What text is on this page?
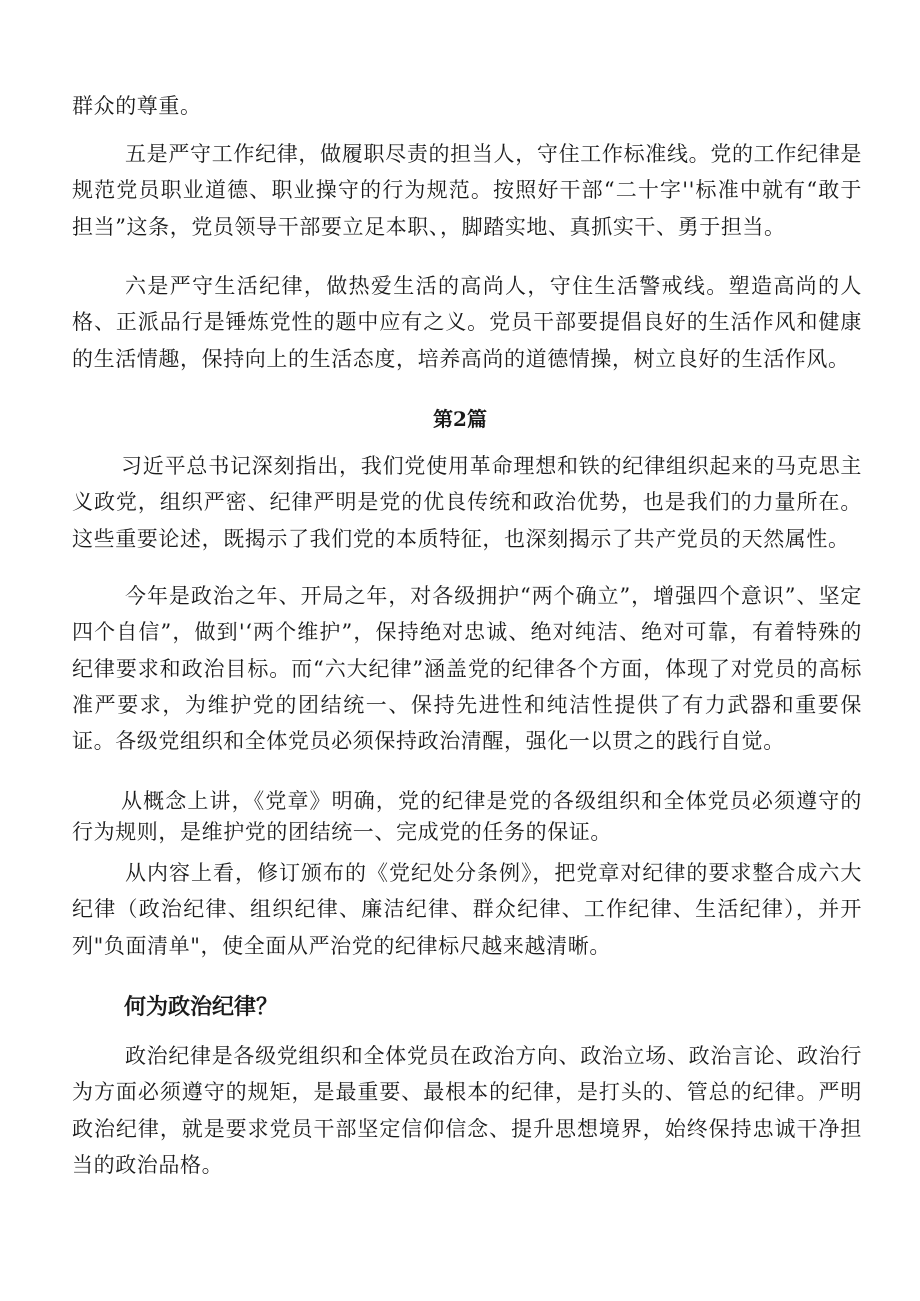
群众的尊重。

五是严守工作纪律，做履职尽责的担当人，守住工作标准线。党的工作纪律是规范党员职业道德、职业操守的行为规范。按照好干部“二十字''标准中就有“敢于担当”这条，党员领导干部要立足本职、，脚踏实地、真抓实干、勇于担当。

六是严守生活纪律，做热爱生活的高尚人，守住生活警戒线。塑造高尚的人格、正派品行是锤炼党性的题中应有之义。党员干部要提倡良好的生活作风和健康的生活情趣，保持向上的生活态度，培养高尚的道德情操，树立良好的生活作风。

第2篇

习近平总书记深刻指出，我们党使用革命理想和铁的纪律组织起来的马克思主义政党，组织严密、纪律严明是党的优良传统和政治优势，也是我们的力量所在。这些重要论述，既揭示了我们党的本质特征，也深刻揭示了共产党员的天然属性。

今年是政治之年、开局之年，对各级拥护“两个确立”，增强四个意识”、坚定四个自信”，做到'‘两个维护”，保持绝对忠诚、绝对纯洁、绝对可靠，有着特殊的纪律要求和政治目标。而“六大纪律”涵盖党的纪律各个方面，体现了对党员的高标准严要求，为维护党的团结统一、保持先进性和纯洁性提供了有力武器和重要保证。各级党组织和全体党员必须保持政治清醒，强化一以贯之的践行自觉。

从概念上讲，《党章》明确，党的纪律是党的各级组织和全体党员必须遵守的行为规则，是维护党的团结统一、完成党的任务的保证。

从内容上看，修订颁布的《党纪处分条例》，把党章对纪律的要求整合成六大纪律（政治纪律、组织纪律、廉洁纪律、群众纪律、工作纪律、生活纪律），并开列"负面清单"，使全面从严治党的纪律标尺越来越清晰。

何为政治纪律？

政治纪律是各级党组织和全体党员在政治方向、政治立场、政治言论、政治行为方面必须遵守的规矩，是最重要、最根本的纪律，是打头的、管总的纪律。严明政治纪律，就是要求党员干部坚定信仰信念、提升思想境界，始终保持忠诚干净担当的政治品格。
